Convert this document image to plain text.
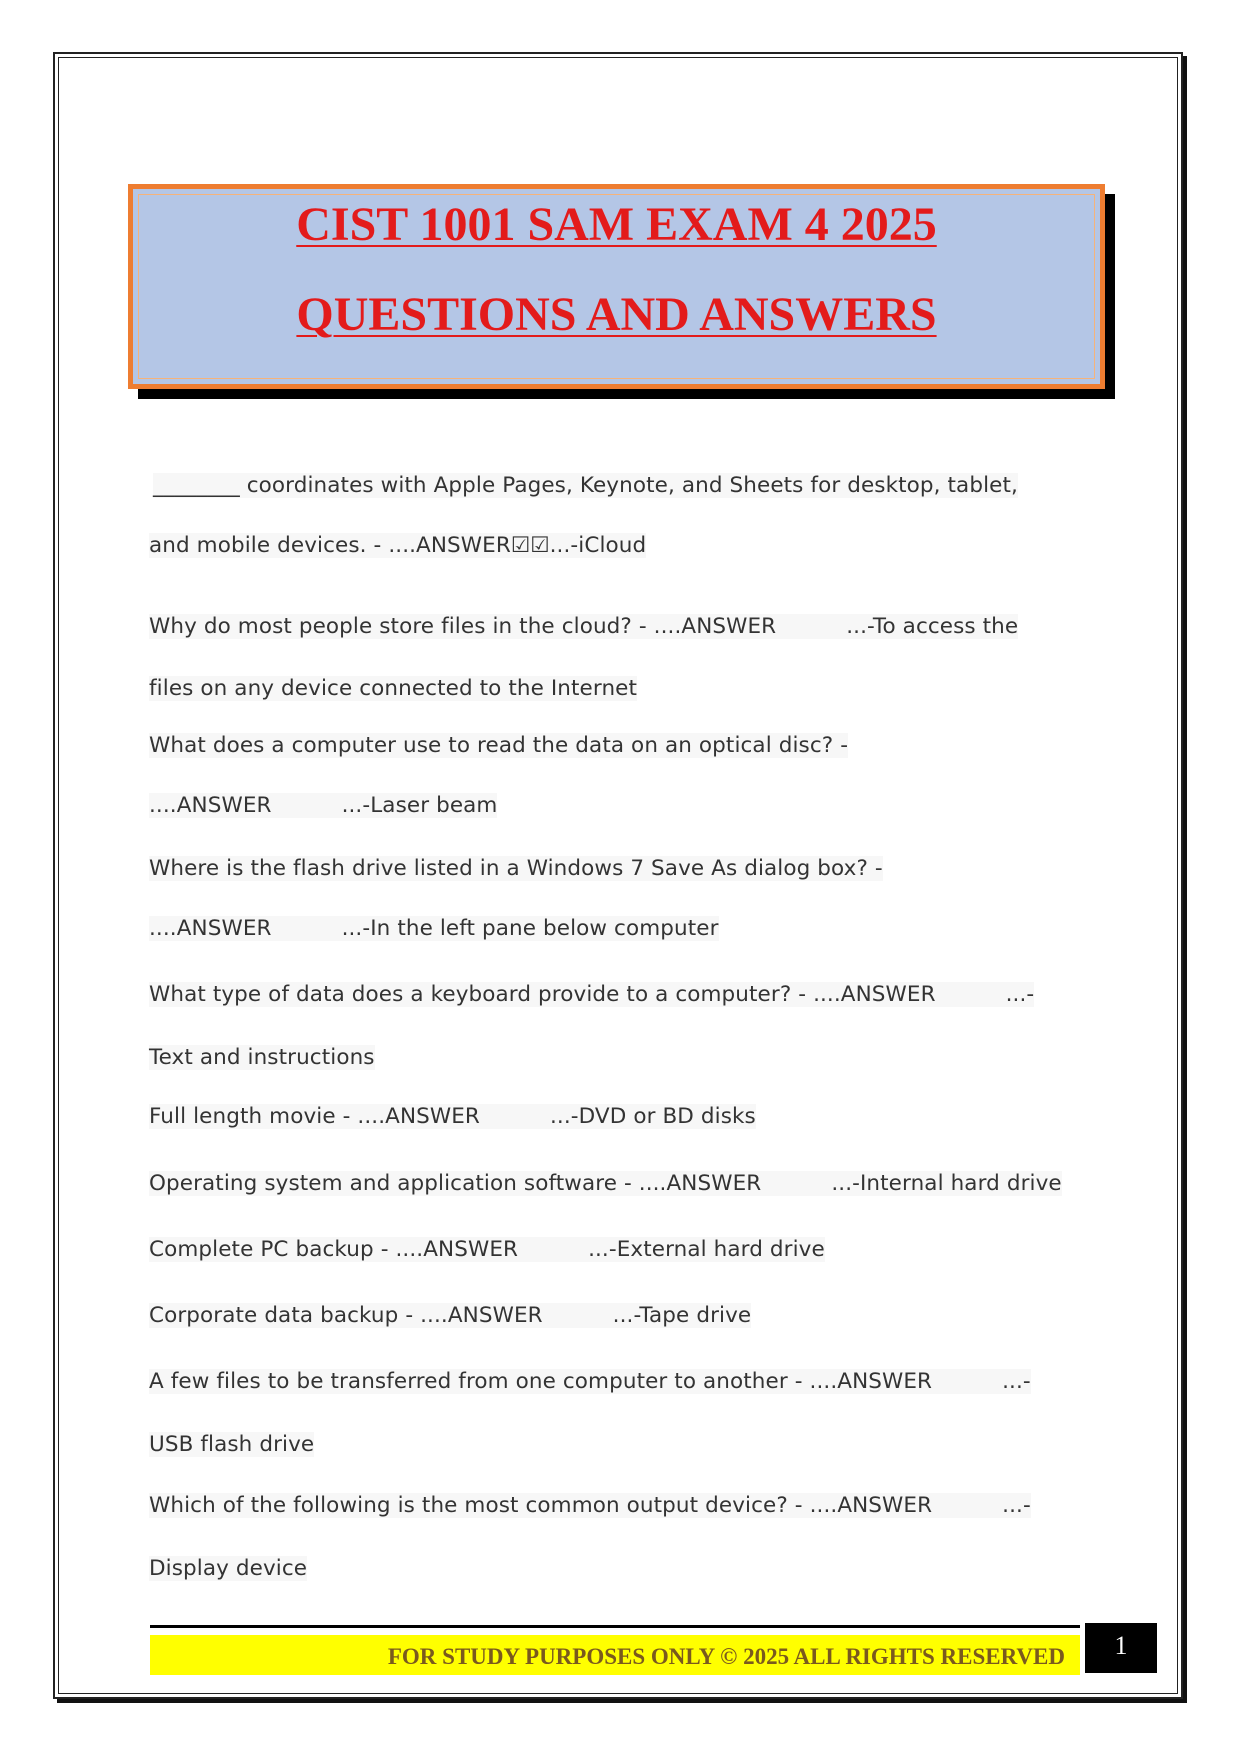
CIST 1001 SAM EXAM 4 2025
QUESTIONS AND ANSWERS

________ coordinates with Apple Pages, Keynote, and Sheets for desktop, tablet,

and mobile devices. - ....ANSWER☑☑...-iCloud

Why do most people store files in the cloud? - ....ANSWER	...-To access the

files on any device connected to the Internet

What does a computer use to read the data on an optical disc? -

....ANSWER	...-Laser beam

Where is the flash drive listed in a Windows 7 Save As dialog box? -

....ANSWER	...-In the left pane below computer

What type of data does a keyboard provide to a computer? - ....ANSWER	...-

Text and instructions

Full length movie - ....ANSWER	...-DVD or BD disks

Operating system and application software - ....ANSWER	...-Internal hard drive

Complete PC backup - ....ANSWER	...-External hard drive

Corporate data backup - ....ANSWER	...-Tape drive

A few files to be transferred from one computer to another - ....ANSWER	...-

USB flash drive

Which of the following is the most common output device? - ....ANSWER	...-

Display device

FOR STUDY PURPOSES ONLY © 2025 ALL RIGHTS RESERVED	1
